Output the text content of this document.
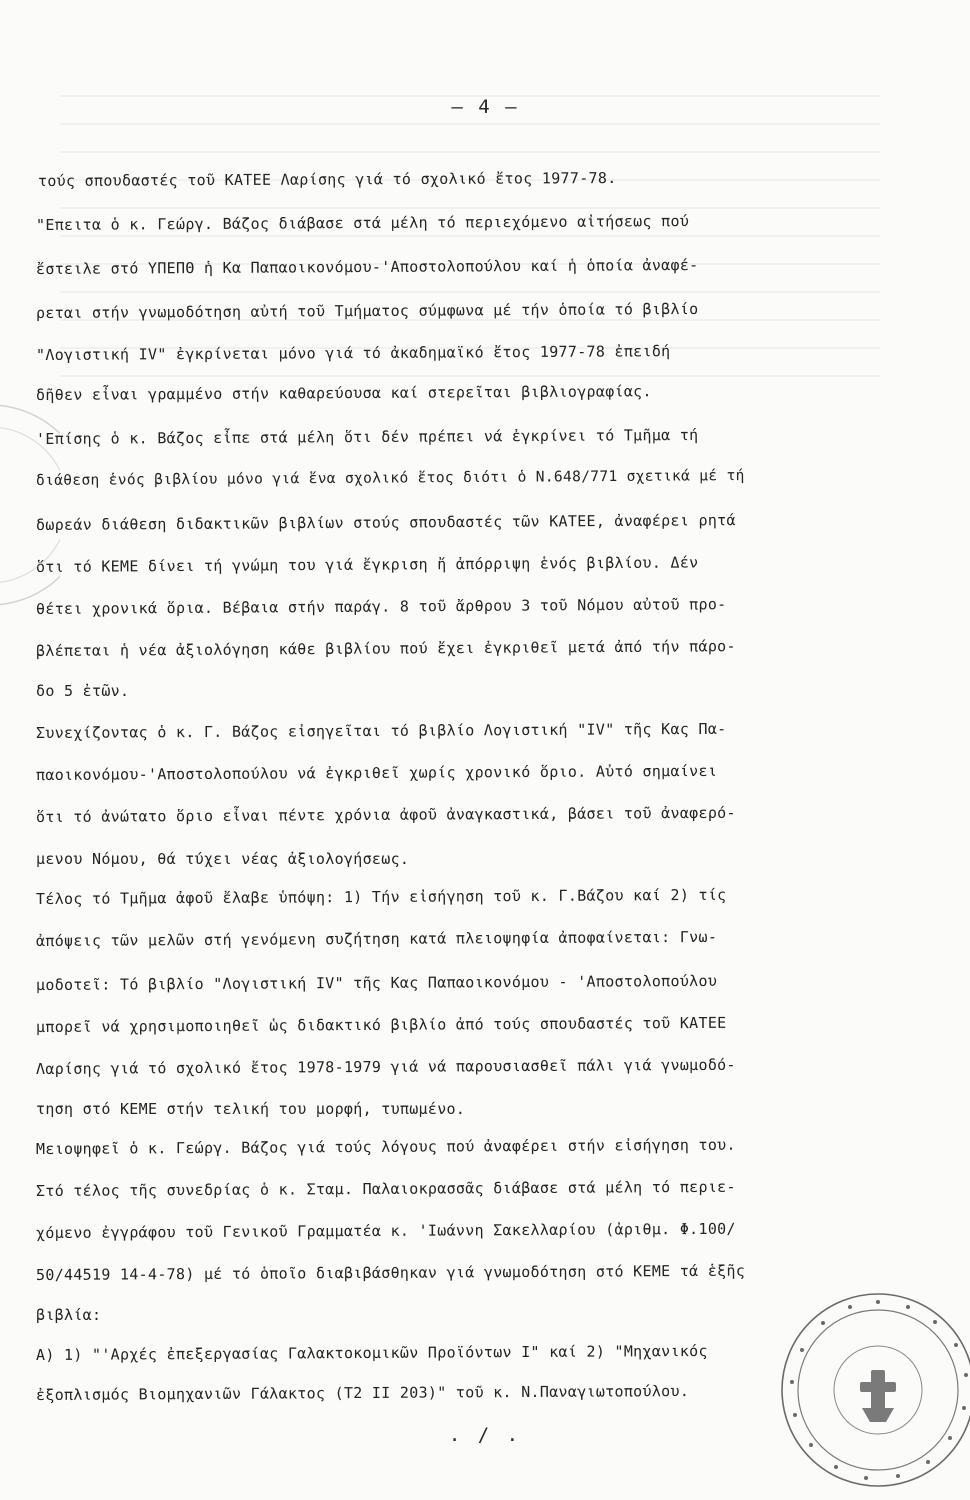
– 4 –
τούς σπουδαστές τοῦ ΚΑΤΕΕ Λαρίσης γιά τό σχολικό ἔτος 1977-78.
"Επειτα ὁ κ. Γεώργ. Βάζος διάβασε στά μέλη τό περιεχόμενο αἰτήσεως πού
ἔστειλε στό ΥΠΕΠΘ ἡ Κα Παπαοικονόμου-'Αποστολοπούλου καί ἡ ὁποία ἀναφέ-
ρεται στήν γνωμοδότηση αὐτή τοῦ Τμήματος σύμφωνα μέ τήν ὁποία τό βιβλίο
"Λογιστική IV" ἐγκρίνεται μόνο γιά τό ἀκαδημαϊκό ἔτος 1977-78 ἐπειδή
δῆθεν εἶναι γραμμένο στήν καθαρεύουσα καί στερεῖται βιβλιογραφίας.
'Επίσης ὁ κ. Βάζος εἶπε στά μέλη ὅτι δέν πρέπει νά ἐγκρίνει τό Τμῆμα τή
διάθεση ἑνός βιβλίου μόνο γιά ἕνα σχολικό ἔτος διότι ὁ Ν.648/771 σχετικά μέ τή
δωρεάν διάθεση διδακτικῶν βιβλίων στούς σπουδαστές τῶν ΚΑΤΕΕ, ἀναφέρει ρητά
ὅτι τό ΚΕΜΕ δίνει τή γνώμη του γιά ἔγκριση ἤ ἀπόρριψη ἑνός βιβλίου. Δέν
θέτει χρονικά ὅρια. Βέβαια στήν παράγ. 8 τοῦ ἄρθρου 3 τοῦ Νόμου αὐτοῦ προ-
βλέπεται ἡ νέα ἀξιολόγηση κάθε βιβλίου πού ἔχει ἐγκριθεῖ μετά ἀπό τήν πάρο-
δο 5 ἐτῶν.
Συνεχίζοντας ὁ κ. Γ. Βάζος εἰσηγεῖται τό βιβλίο Λογιστική "IV" τῆς Κας Πα-
παοικονόμου-'Αποστολοπούλου νά ἐγκριθεῖ χωρίς χρονικό ὅριο. Αὐτό σημαίνει
ὅτι τό ἀνώτατο ὅριο εἶναι πέντε χρόνια ἀφοῦ ἀναγκαστικά, βάσει τοῦ ἀναφερό-
μενου Νόμου, θά τύχει νέας ἀξιολογήσεως.
Τέλος τό Τμῆμα ἀφοῦ ἔλαβε ὑπόψη: 1) Τήν εἰσήγηση τοῦ κ. Γ.Βάζου καί 2) τίς
ἀπόψεις τῶν μελῶν στή γενόμενη συζήτηση κατά πλειοψηφία ἀποφαίνεται: Γνω-
μοδοτεῖ: Τό βιβλίο "Λογιστική IV" τῆς Κας Παπαοικονόμου - 'Αποστολοπούλου
μπορεῖ νά χρησιμοποιηθεῖ ὡς διδακτικό βιβλίο ἀπό τούς σπουδαστές τοῦ ΚΑΤΕΕ
Λαρίσης γιά τό σχολικό ἔτος 1978-1979 γιά νά παρουσιασθεῖ πάλι γιά γνωμοδό-
τηση στό ΚΕΜΕ στήν τελική του μορφή, τυπωμένο.
Μειοψηφεῖ ὁ κ. Γεώργ. Βάζος γιά τούς λόγους πού ἀναφέρει στήν εἰσήγηση του.
Στό τέλος τῆς συνεδρίας ὁ κ. Σταμ. Παλαιοκρασσᾶς διάβασε στά μέλη τό περιε-
χόμενο ἐγγράφου τοῦ Γενικοῦ Γραμματέα κ. 'Ιωάννη Σακελλαρίου (ἀριθμ. Φ.100/
50/44519 14-4-78) μέ τό ὁποῖο διαβιβάσθηκαν γιά γνωμοδότηση στό ΚΕΜΕ τά ἑξῆς
βιβλία:
Α) 1) "'Αρχές ἐπεξεργασίας Γαλακτοκομικῶν Προϊόντων Ι" καί 2) "Μηχανικός
ἐξοπλισμός Βιομηχανιῶν Γάλακτος (Τ2 ΙΙ 203)" τοῦ κ. Ν.Παναγιωτοπούλου.
. / .
